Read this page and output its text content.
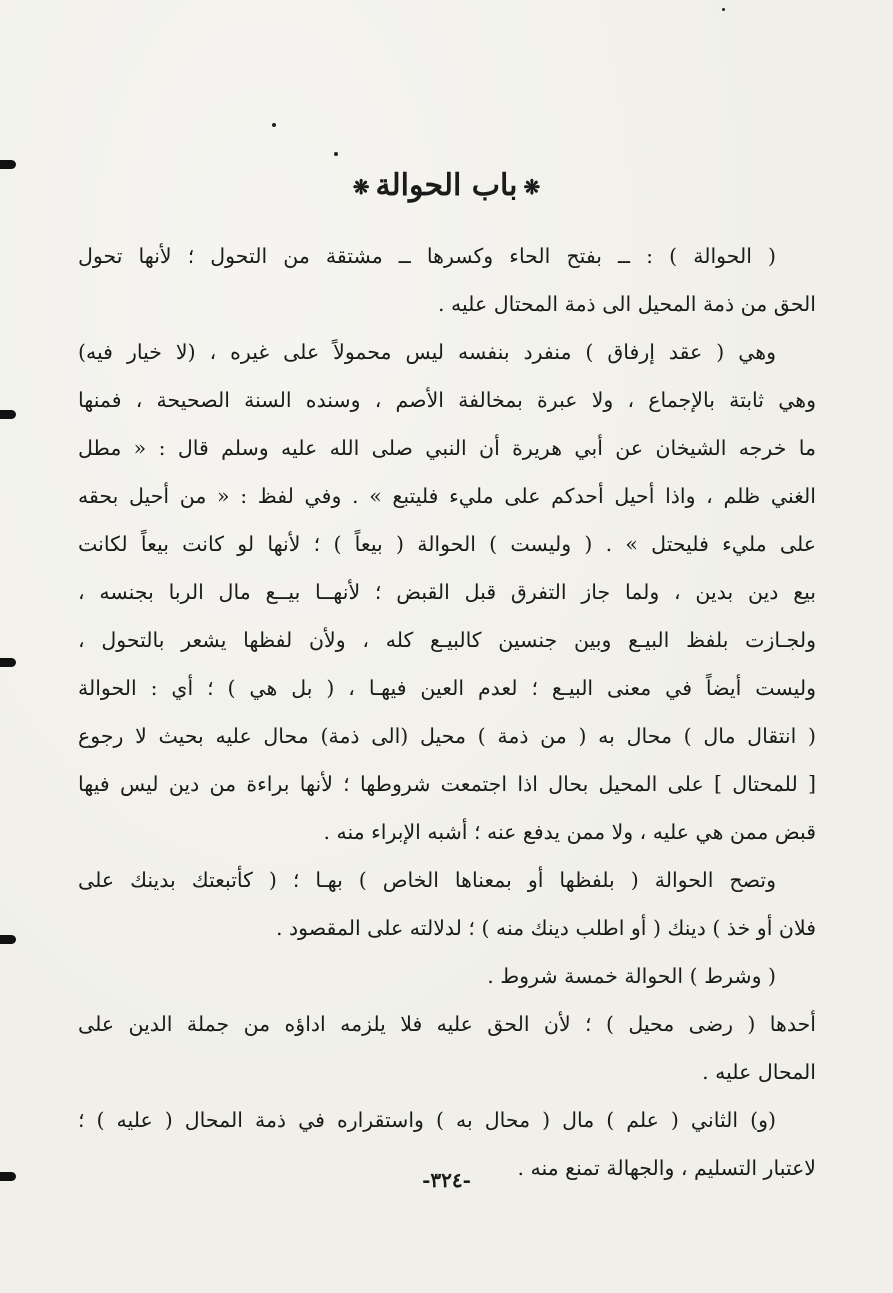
❋باب الحوالة❋
( الحوالة ) : ــ بفتح الحاء وكسرها ــ مشتقة من التحول ؛ لأنها تحول
الحق من ذمة المحيل الى ذمة المحتال عليه .
وهي ( عقد إرفاق ) منفرد بنفسه ليس محمولاً على غيره ، (لا خيار فيه)
وهي ثابتة بالإجماع ، ولا عبرة بمخالفة الأصم ، وسنده السنة الصحيحة ، فمنها
ما خرجه الشيخان عن أبي هريرة أن النبي صلى الله عليه وسلم قال : « مطل
الغني ظلم ، واذا أحيل أحدكم على مليء فليتبع » . وفي لفظ : « من أحيل بحقه
على مليء فليحتل » . ( وليست ) الحوالة ( بيعاً ) ؛ لأنها لو كانت بيعاً لكانت
بيع دين بدين ، ولما جاز التفرق قبل القبض ؛ لأنهــا بيــع مال الربا بجنسه ،
ولجـازت بلفظ البيـع وبين جنسين كالبيـع كله ، ولأن لفظها يشعر بالتحول ،
وليست أيضاً في معنى البيـع ؛ لعدم العين فيهـا ، ( بل هي ) ؛ أي : الحوالة
( انتقال مال ) محال به ( من ذمة ) محيل (الى ذمة) محال عليه بحيث لا رجوع
[ للمحتال ] على المحيل بحال اذا اجتمعت شروطها ؛ لأنها براءة من دين ليس فيها
قبض ممن هي عليه ، ولا ممن يدفع عنه ؛ أشبه الإبراء منه .
وتصح الحوالة ( بلفظها أو بمعناها الخاص ) بهـا ؛ ( كأتبعتك بدينك على
فلان أو خذ ) دينك ( أو اطلب دينك منه ) ؛ لدلالته على المقصود .
( وشرط ) الحوالة خمسة شروط .
أحدها ( رضى محيل ) ؛ لأن الحق عليه فلا يلزمه اداؤه من جملة الدين على
المحال عليه .
(و) الثاني ( علم ) مال ( محال به ) واستقراره في ذمة المحال ( عليه ) ؛
لاعتبار التسليم ، والجهالة تمنع منه .
-٣٢٤-
